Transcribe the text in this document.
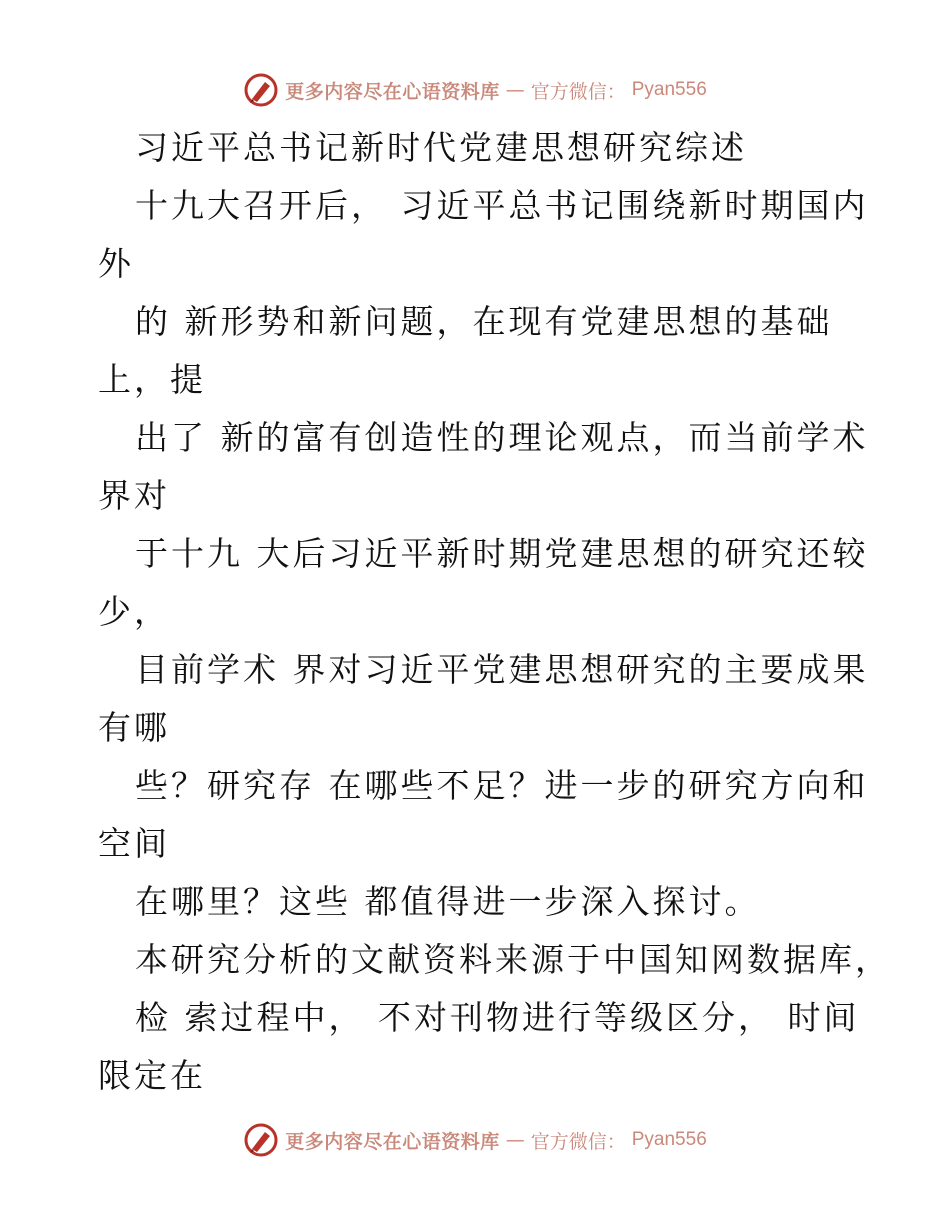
更多内容尽在心语资料库 — 官方微信： Pyan556
习近平总书记新时代党建思想研究综述
十九大召开后， 习近平总书记围绕新时期国内
外
的 新形势和新问题，在现有党建思想的基础
上，提
出了 新的富有创造性的理论观点，而当前学术
界对
于十九 大后习近平新时期党建思想的研究还较
少，
目前学术 界对习近平党建思想研究的主要成果
有哪
些？研究存 在哪些不足？进一步的研究方向和
空间
在哪里？这些 都值得进一步深入探讨。
本研究分析的文献资料来源于中国知网数据库，
检 索过程中， 不对刊物进行等级区分， 时间
限定在
更多内容尽在心语资料库 — 官方微信： Pyan556
